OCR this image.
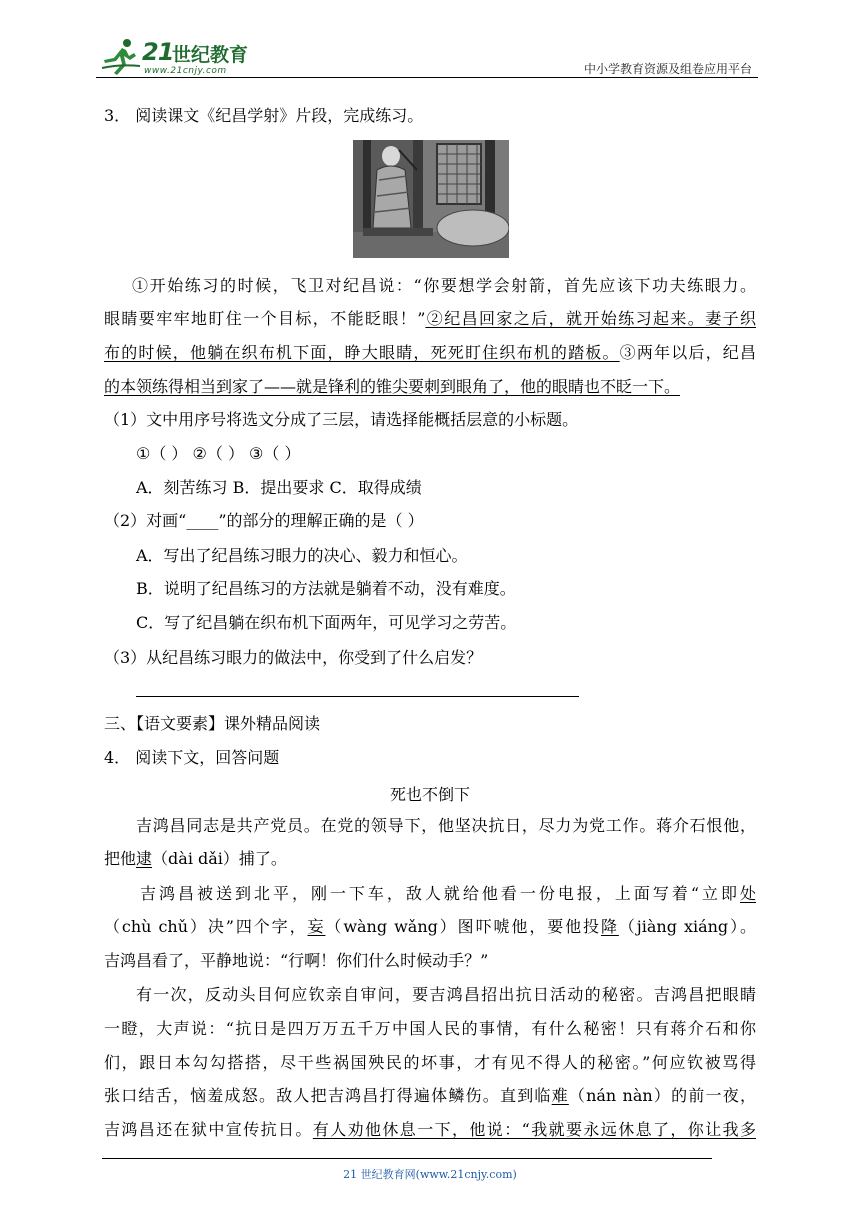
21
世纪教育
www.21cnjy.com	中小学教育资源及组卷应用平台
3． 阅读课文《纪昌学射》片段，完成练习。
①开始练习的时候，飞卫对纪昌说：“你要想学会射箭，首先应该下功夫练眼力。
眼睛要牢牢地盯住一个目标，不能眨眼！”②纪昌回家之后，就开始练习起来。妻子织
布的时候，他躺在织布机下面，睁大眼睛，死死盯住织布机的踏板。③两年以后，纪昌
的本领练得相当到家了——就是锋利的锥尖要刺到眼角了，他的眼睛也不眨一下。
（1）文中用序号将选文分成了三层，请选择能概括层意的小标题。
①（ ） ②（ ） ③（ ）
A．刻苦练习 B．提出要求 C．取得成绩
（2）对画“____”的部分的理解正确的是（ ）
A．写出了纪昌练习眼力的决心、毅力和恒心。
B．说明了纪昌练习的方法就是躺着不动，没有难度。
C．写了纪昌躺在织布机下面两年，可见学习之劳苦。
（3）从纪昌练习眼力的做法中，你受到了什么启发？
三、【语文要素】课外精品阅读
4． 阅读下文，回答问题
死也不倒下
吉鸿昌同志是共产党员。在党的领导下，他坚决抗日，尽力为党工作。蒋介石恨他，
把他逮（dài dǎi）捕了。
吉鸿昌被送到北平，刚一下车，敌人就给他看一份电报，上面写着“立即处
（chù chǔ）决”四个字，妄（wàng wǎng）图吓唬他，要他投降（jiàng xiáng）。
吉鸿昌看了，平静地说：“行啊！你们什么时候动手？”
有一次，反动头目何应钦亲自审问，要吉鸿昌招出抗日活动的秘密。吉鸿昌把眼睛
一瞪，大声说：“抗日是四万万五千万中国人民的事情，有什么秘密！只有蒋介石和你
们，跟日本勾勾搭搭，尽干些祸国殃民的坏事，才有见不得人的秘密。”何应钦被骂得
张口结舌，恼羞成怒。敌人把吉鸿昌打得遍体鳞伤。直到临难（nán nàn）的前一夜，
吉鸿昌还在狱中宣传抗日。有人劝他休息一下，他说：“我就要永远休息了，你让我多
21 世纪教育网(www.21cnjy.com)
